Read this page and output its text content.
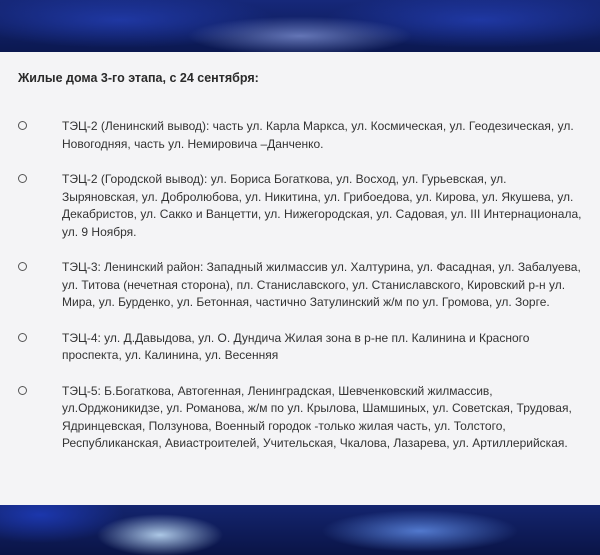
Жилые дома 3-го этапа, с 24 сентября:
ТЭЦ-2 (Ленинский вывод): часть ул. Карла Маркса, ул. Космическая, ул. Геодезическая, ул. Новогодняя, часть ул. Немировича –Данченко.
ТЭЦ-2 (Городской вывод): ул. Бориса Богаткова, ул. Восход, ул. Гурьевская, ул. Зыряновская, ул. Добролюбова, ул. Никитина, ул. Грибоедова, ул. Кирова, ул. Якушева, ул. Декабристов, ул. Сакко и Ванцетти, ул. Нижегородская, ул. Садовая, ул. III Интернационала, ул. 9 Ноября.
ТЭЦ-3: Ленинский район: Западный жилмассив ул. Халтурина, ул. Фасадная, ул. Забалуева, ул. Титова (нечетная сторона), пл. Станиславского, ул. Станиславского, Кировский р-н ул. Мира, ул. Бурденко, ул. Бетонная, частично Затулинский ж/м по ул. Громова, ул. Зорге.
ТЭЦ-4: ул. Д.Давыдова, ул. О. Дундича Жилая зона в р-не пл. Калинина и Красного проспекта, ул. Калинина, ул. Весенняя
ТЭЦ-5: Б.Богаткова, Автогенная, Ленинградская, Шевченковский жилмассив, ул.Орджоникидзе, ул. Романова, ж/м по ул. Крылова, Шамшиных, ул. Советская, Трудовая, Ядринцевская, Ползунова, Военный городок -только жилая часть, ул. Толстого, Республиканская, Авиастроителей, Учительская, Чкалова, Лазарева, ул. Артиллерийская.
